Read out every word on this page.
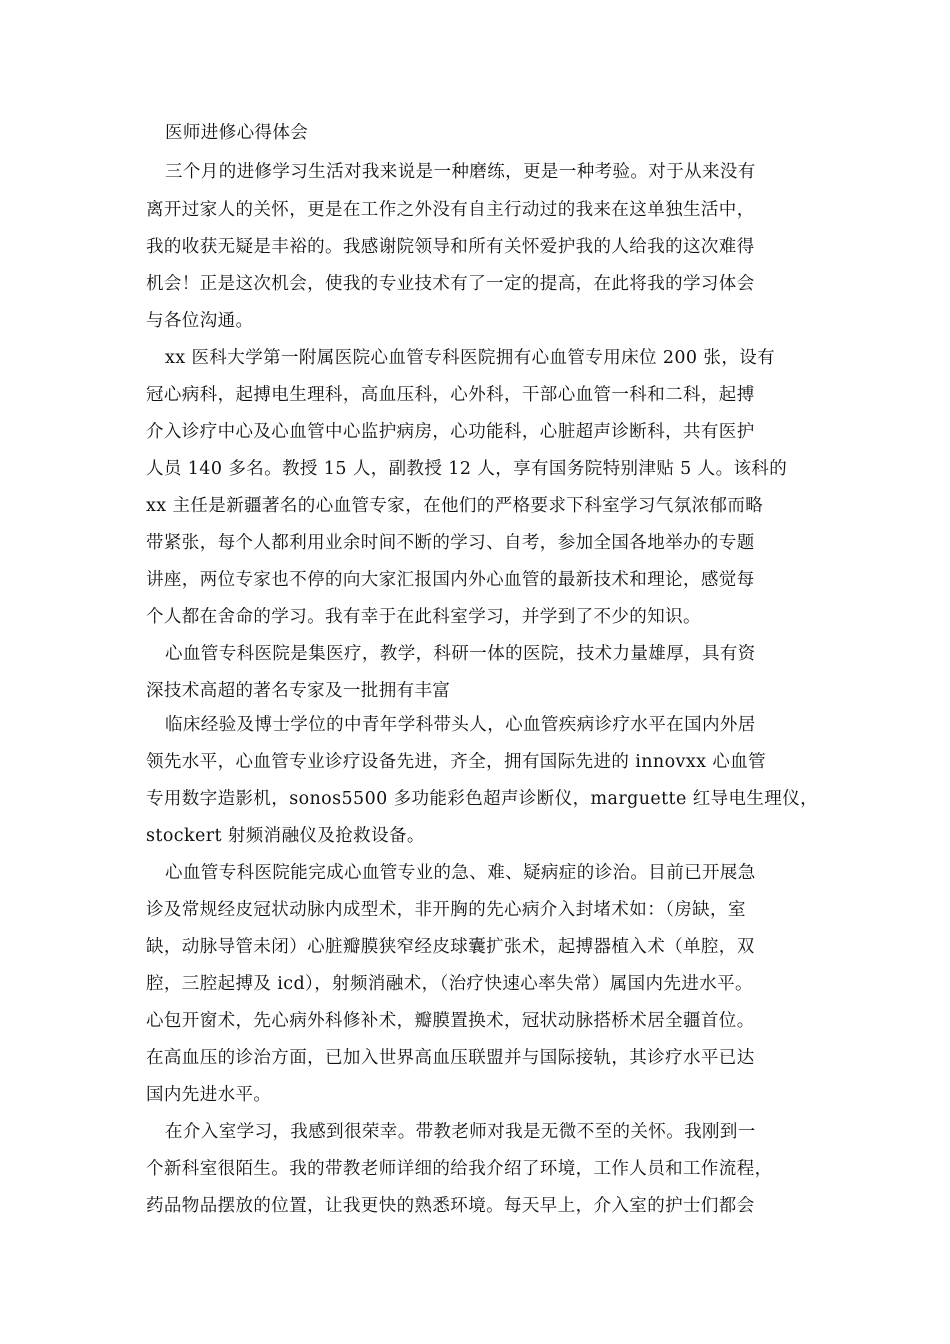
医师进修心得体会
三个月的进修学习生活对我来说是一种磨练，更是一种考验。对于从来没有
离开过家人的关怀，更是在工作之外没有自主行动过的我来在这单独生活中，
我的收获无疑是丰裕的。我感谢院领导和所有关怀爱护我的人给我的这次难得
机会！正是这次机会，使我的专业技术有了一定的提高，在此将我的学习体会
与各位沟通。
xx 医科大学第一附属医院心血管专科医院拥有心血管专用床位 200 张，设有
冠心病科，起搏电生理科，高血压科，心外科，干部心血管一科和二科，起搏
介入诊疗中心及心血管中心监护病房，心功能科，心脏超声诊断科，共有医护
人员 140 多名。教授 15 人，副教授 12 人，享有国务院特别津贴 5 人。该科的
xx 主任是新疆著名的心血管专家，在他们的严格要求下科室学习气氛浓郁而略
带紧张，每个人都利用业余时间不断的学习、自考，参加全国各地举办的专题
讲座，两位专家也不停的向大家汇报国内外心血管的最新技术和理论，感觉每
个人都在舍命的学习。我有幸于在此科室学习，并学到了不少的知识。
心血管专科医院是集医疗，教学，科研一体的医院，技术力量雄厚，具有资
深技术高超的著名专家及一批拥有丰富
临床经验及博士学位的中青年学科带头人，心血管疾病诊疗水平在国内外居
领先水平，心血管专业诊疗设备先进，齐全，拥有国际先进的 innovxx 心血管
专用数字造影机，sonos5500 多功能彩色超声诊断仪，marguette 红导电生理仪，
stockert 射频消融仪及抢救设备。
心血管专科医院能完成心血管专业的急、难、疑病症的诊治。目前已开展急
诊及常规经皮冠状动脉内成型术，非开胸的先心病介入封堵术如：（房缺，室
缺，动脉导管未闭）心脏瓣膜狭窄经皮球囊扩张术，起搏器植入术（单腔，双
腔，三腔起搏及 icd），射频消融术，（治疗快速心率失常）属国内先进水平。
心包开窗术，先心病外科修补术，瓣膜置换术，冠状动脉搭桥术居全疆首位。
在高血压的诊治方面，已加入世界高血压联盟并与国际接轨，其诊疗水平已达
国内先进水平。
在介入室学习，我感到很荣幸。带教老师对我是无微不至的关怀。我刚到一
个新科室很陌生。我的带教老师详细的给我介绍了环境，工作人员和工作流程，
药品物品摆放的位置，让我更快的熟悉环境。每天早上，介入室的护士们都会
